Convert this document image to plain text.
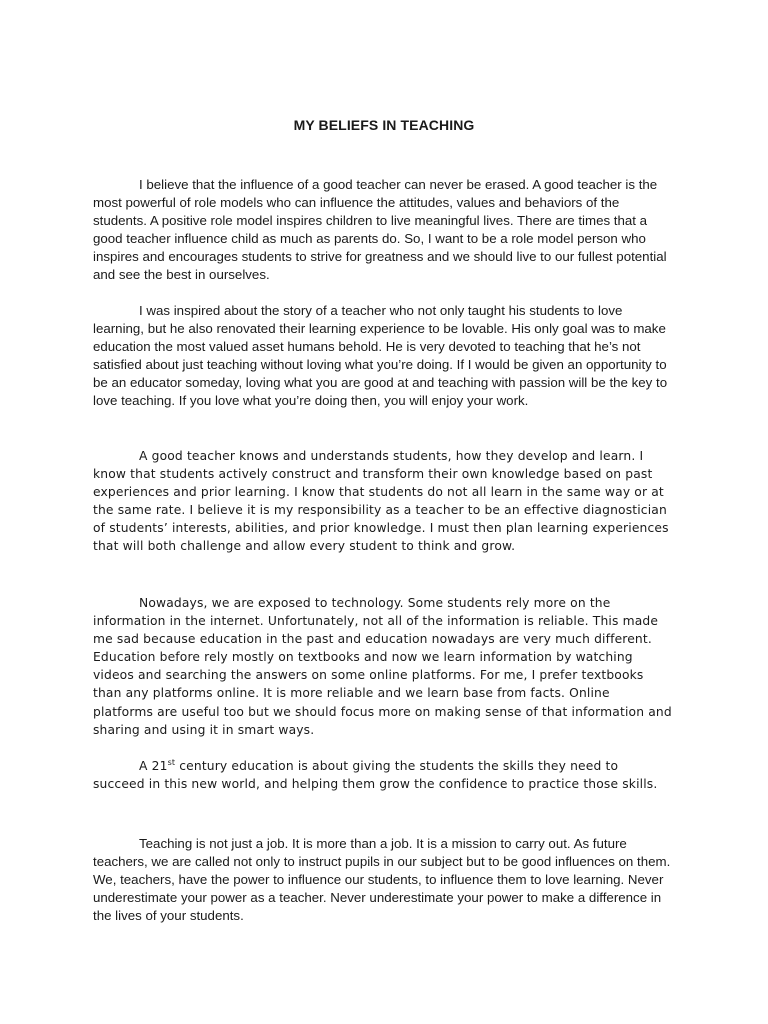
MY BELIEFS IN TEACHING

I believe that the influence of a good teacher can never be erased. A good teacher is the most powerful of role models who can influence the attitudes, values and behaviors of the students. A positive role model inspires children to live meaningful lives. There are times that a good teacher influence child as much as parents do. So, I want to be a role model person who inspires and encourages students to strive for greatness and we should live to our fullest potential and see the best in ourselves.

I was inspired about the story of a teacher who not only taught his students to love learning, but he also renovated their learning experience to be lovable. His only goal was to make education the most valued asset humans behold. He is very devoted to teaching that he’s not satisfied about just teaching without loving what you’re doing. If I would be given an opportunity to be an educator someday, loving what you are good at and teaching with passion will be the key to love teaching. If you love what you’re doing then, you will enjoy your work.

A good teacher knows and understands students, how they develop and learn. I know that students actively construct and transform their own knowledge based on past experiences and prior learning. I know that students do not all learn in the same way or at the same rate. I believe it is my responsibility as a teacher to be an effective diagnostician of students’ interests, abilities, and prior knowledge. I must then plan learning experiences that will both challenge and allow every student to think and grow.

Nowadays, we are exposed to technology. Some students rely more on the information in the internet. Unfortunately, not all of the information is reliable. This made me sad because education in the past and education nowadays are very much different. Education before rely mostly on textbooks and now we learn information by watching videos and searching the answers on some online platforms. For me, I prefer textbooks than any platforms online. It is more reliable and we learn base from facts. Online platforms are useful too but we should focus more on making sense of that information and sharing and using it in smart ways.

A 21st century education is about giving the students the skills they need to succeed in this new world, and helping them grow the confidence to practice those skills.

Teaching is not just a job. It is more than a job. It is a mission to carry out. As future teachers, we are called not only to instruct pupils in our subject but to be good influences on them. We, teachers, have the power to influence our students, to influence them to love learning. Never underestimate your power as a teacher. Never underestimate your power to make a difference in the lives of your students.
